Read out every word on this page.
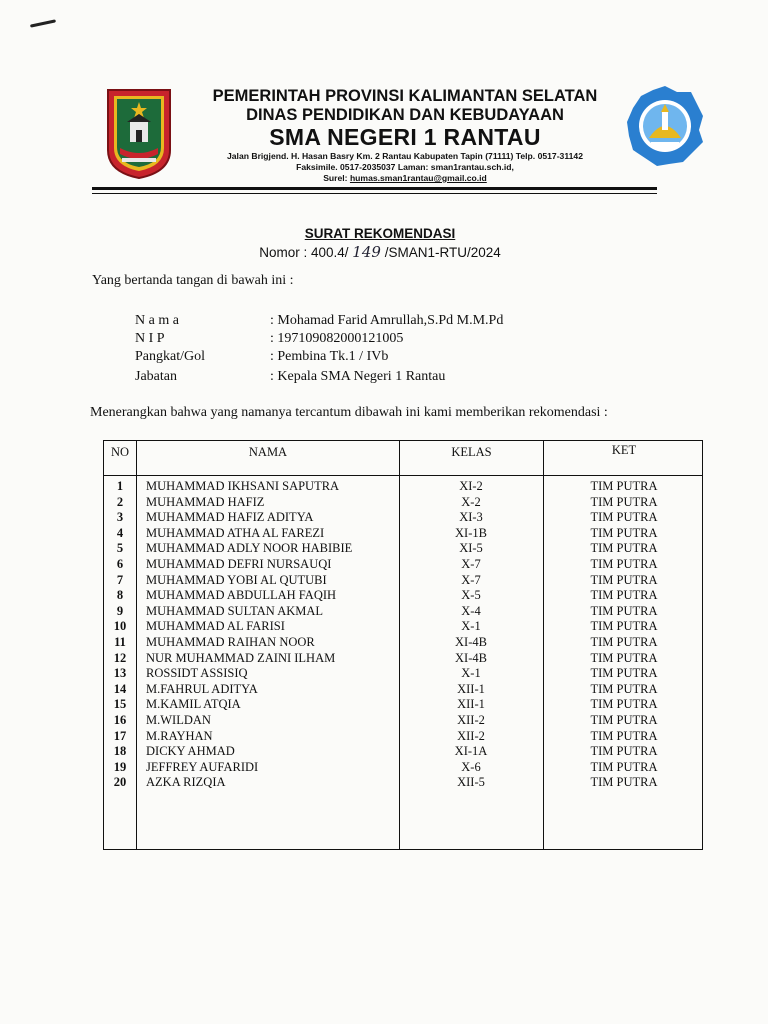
PEMERINTAH PROVINSI KALIMANTAN SELATAN
DINAS PENDIDIKAN DAN KEBUDAYAAN
SMA NEGERI 1 RANTAU
Jalan Brigjend. H. Hasan Basry Km. 2 Rantau Kabupaten Tapin (71111) Telp. 0517-31142
Faksimile. 0517-2035037 Laman: sman1rantau.sch.id,
Surel: humas.sman1rantau@gmail.co.id
SURAT REKOMENDASI
Nomor : 400.4/ 149 /SMAN1-RTU/2024
Yang bertanda tangan di bawah ini :
N a m a	: Mohamad Farid Amrullah,S.Pd M.M.Pd
N I P	: 197109082000121005
Pangkat/Gol	: Pembina Tk.1 / IVb
Jabatan	: Kepala SMA Negeri 1 Rantau
Menerangkan bahwa yang namanya tercantum dibawah ini kami memberikan rekomendasi :
NO	NAMA	KELAS	KET
1	MUHAMMAD IKHSANI SAPUTRA	XI-2	TIM PUTRA
2	MUHAMMAD HAFIZ	X-2	TIM PUTRA
3	MUHAMMAD HAFIZ ADITYA	XI-3	TIM PUTRA
4	MUHAMMAD ATHA AL FAREZI	XI-1B	TIM PUTRA
5	MUHAMMAD ADLY NOOR HABIBIE	XI-5	TIM PUTRA
6	MUHAMMAD DEFRI NURSAUQI	X-7	TIM PUTRA
7	MUHAMMAD YOBI AL QUTUBI	X-7	TIM PUTRA
8	MUHAMMAD ABDULLAH FAQIH	X-5	TIM PUTRA
9	MUHAMMAD SULTAN AKMAL	X-4	TIM PUTRA
10	MUHAMMAD AL FARISI	X-1	TIM PUTRA
11	MUHAMMAD RAIHAN NOOR	XI-4B	TIM PUTRA
12	NUR MUHAMMAD ZAINI ILHAM	XI-4B	TIM PUTRA
13	ROSSIDT ASSISIQ	X-1	TIM PUTRA
14	M.FAHRUL ADITYA	XII-1	TIM PUTRA
15	M.KAMIL ATQIA	XII-1	TIM PUTRA
16	M.WILDAN	XII-2	TIM PUTRA
17	M.RAYHAN	XII-2	TIM PUTRA
18	DICKY AHMAD	XI-1A	TIM PUTRA
19	JEFFREY AUFARIDI	X-6	TIM PUTRA
20	AZKA RIZQIA	XII-5	TIM PUTRA
